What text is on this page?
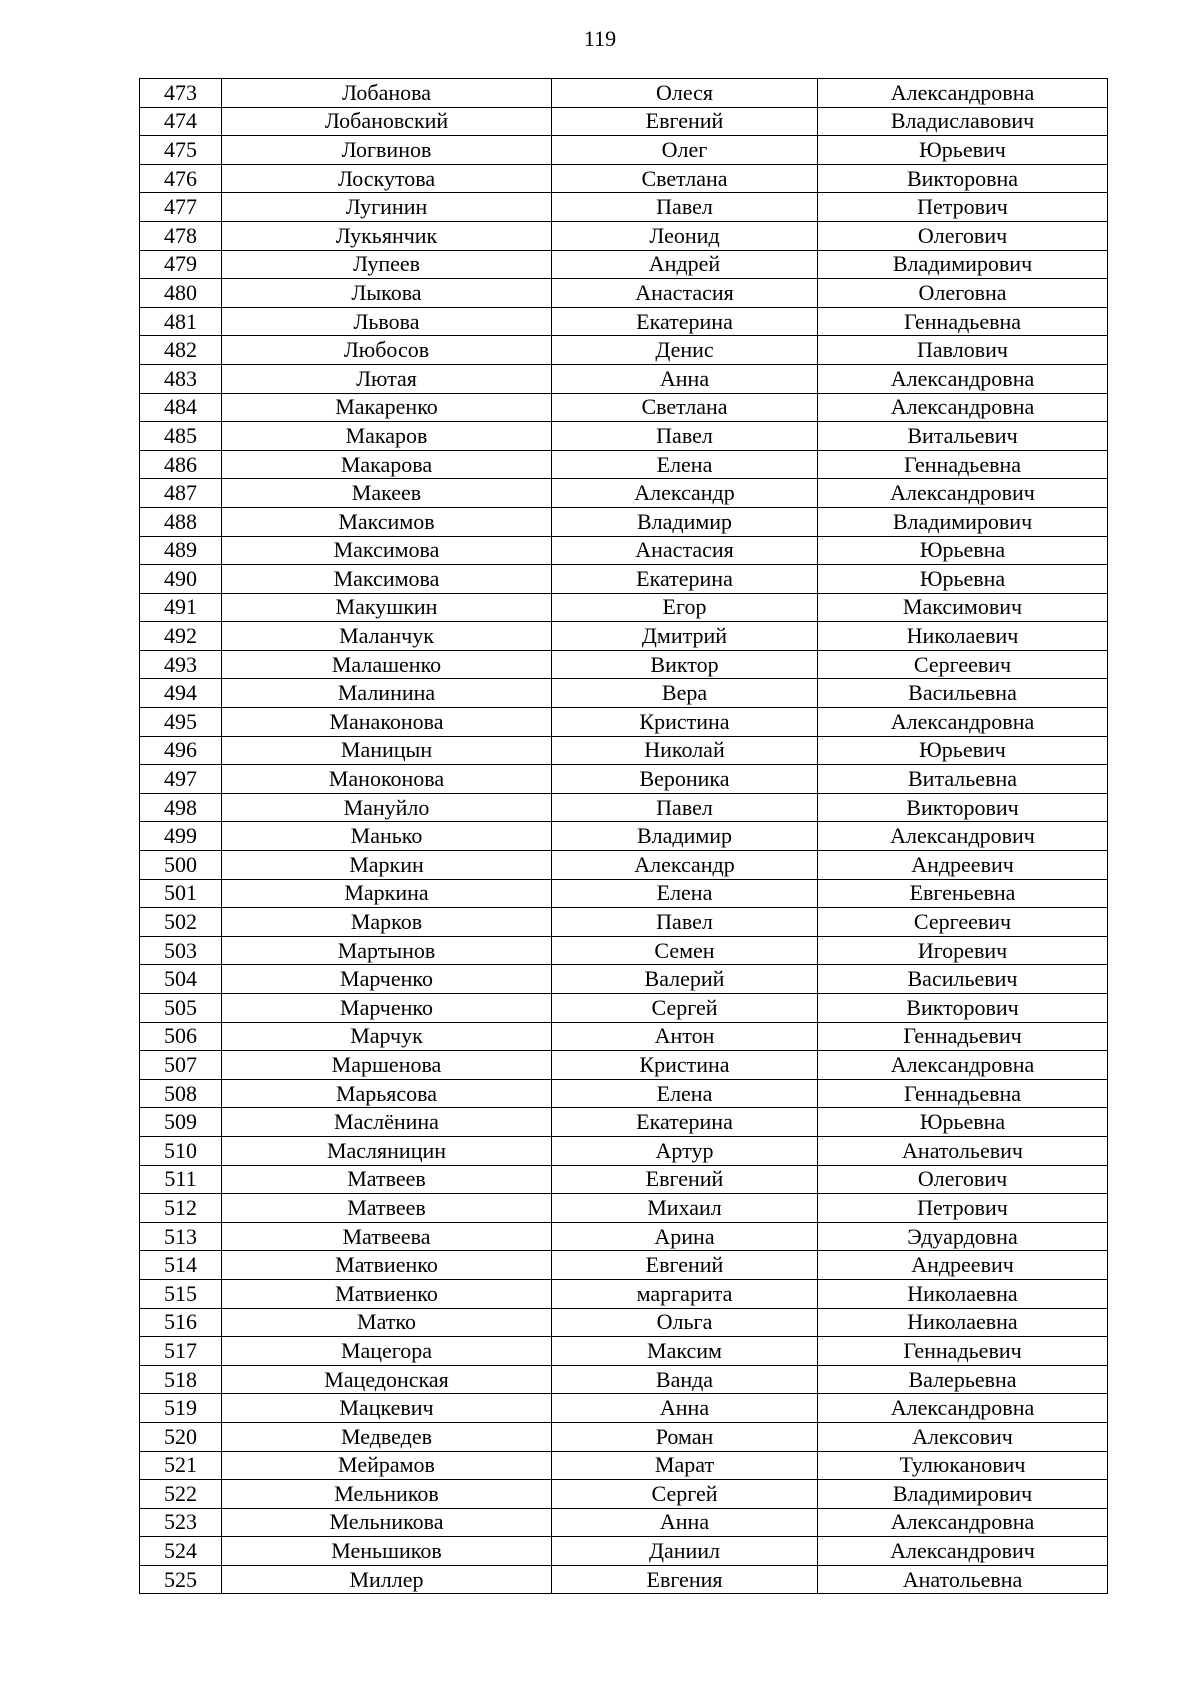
119
473	Лобанова	Олеся	Александровна
474	Лобановский	Евгений	Владиславович
475	Логвинов	Олег	Юрьевич
476	Лоскутова	Светлана	Викторовна
477	Лугинин	Павел	Петрович
478	Лукьянчик	Леонид	Олегович
479	Лупеев	Андрей	Владимирович
480	Лыкова	Анастасия	Олеговна
481	Львова	Екатерина	Геннадьевна
482	Любосов	Денис	Павлович
483	Лютая	Анна	Александровна
484	Макаренко	Светлана	Александровна
485	Макаров	Павел	Витальевич
486	Макарова	Елена	Геннадьевна
487	Макеев	Александр	Александрович
488	Максимов	Владимир	Владимирович
489	Максимова	Анастасия	Юрьевна
490	Максимова	Екатерина	Юрьевна
491	Макушкин	Егор	Максимович
492	Маланчук	Дмитрий	Николаевич
493	Малашенко	Виктор	Сергеевич
494	Малинина	Вера	Васильевна
495	Манаконова	Кристина	Александровна
496	Маницын	Николай	Юрьевич
497	Маноконова	Вероника	Витальевна
498	Мануйло	Павел	Викторович
499	Манько	Владимир	Александрович
500	Маркин	Александр	Андреевич
501	Маркина	Елена	Евгеньевна
502	Марков	Павел	Сергеевич
503	Мартынов	Семен	Игоревич
504	Марченко	Валерий	Васильевич
505	Марченко	Сергей	Викторович
506	Марчук	Антон	Геннадьевич
507	Маршенова	Кристина	Александровна
508	Марьясова	Елена	Геннадьевна
509	Маслёнина	Екатерина	Юрьевна
510	Масляницин	Артур	Анатольевич
511	Матвеев	Евгений	Олегович
512	Матвеев	Михаил	Петрович
513	Матвеева	Арина	Эдуардовна
514	Матвиенко	Евгений	Андреевич
515	Матвиенко	маргарита	Николаевна
516	Матко	Ольга	Николаевна
517	Мацегора	Максим	Геннадьевич
518	Мацедонская	Ванда	Валерьевна
519	Мацкевич	Анна	Александровна
520	Медведев	Роман	Алексович
521	Мейрамов	Марат	Тулюканович
522	Мельников	Сергей	Владимирович
523	Мельникова	Анна	Александровна
524	Меньшиков	Даниил	Александрович
525	Миллер	Евгения	Анатольевна
